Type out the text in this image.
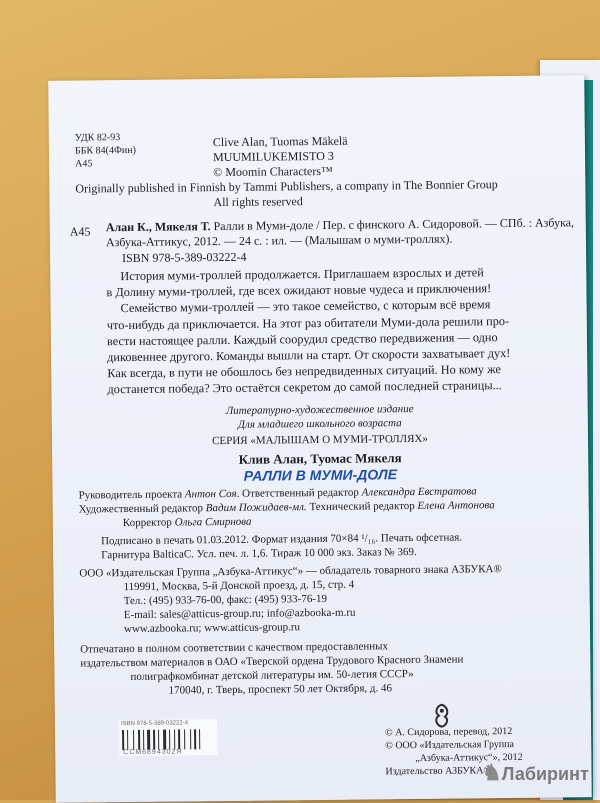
УДК 82-93
ББК 84(4Фин)
А45
Clive Alan, Tuomas Mäkelä
MUUMILUKEMISTO 3
© Moomin Characters™
Originally published in Finnish by Tammi Publishers, a company in The Bonnier Group
All rights reserved
А45 Алан К., Мякеля Т. Ралли в Муми-доле / Пер. с финского А. Сидоровой. — СПб. : Азбука,
Азбука-Аттикус, 2012. — 24 с. : ил. — (Малышам о муми-троллях).
ISBN 978-5-389-03222-4
История муми-троллей продолжается. Приглашаем взрослых и детей
в Долину муми-троллей, где всех ожидают новые чудеса и приключения!
Семейство муми-троллей — это такое семейство, с которым всё время
что-нибудь да приключается. На этот раз обитатели Муми-дола решили про-
вести настоящее ралли. Каждый соорудил средство передвижения — одно
диковеннее другого. Команды вышли на старт. От скорости захватывает дух!
Как всегда, в пути не обошлось без непредвиденных ситуаций. Но кому же
достанется победа? Это остаётся секретом до самой последней страницы...
Литературно-художественное издание
Для младшего школьного возраста
СЕРИЯ «МАЛЫШАМ О МУМИ-ТРОЛЛЯХ»
Клив Алан, Туомас Мякеля
РАЛЛИ В МУМИ-ДОЛЕ
Руководитель проекта Антон Соя. Ответственный редактор Александра Евстратова
Художественный редактор Вадим Пожидаев-мл. Технический редактор Елена Антонова
Корректор Ольга Смирнова
Подписано в печать 01.03.2012. Формат издания 70×84 ¹/₁₆. Печать офсетная.
Гарнитура BalticaC. Усл. печ. л. 1,6. Тираж 10 000 экз. Заказ № 369.
ООО «Издательская Группа „Азбука-Аттикус“» — обладатель товарного знака АЗБУКА®
119991, Москва, 5-й Донской проезд, д. 15, стр. 4
Тел.: (495) 933-76-00, факс: (495) 933-76-19
E-mail: sales@atticus-group.ru; info@azbooka-m.ru
www.azbooka.ru; www.atticus-group.ru
Отпечатано в полном соответствии с качеством предоставленных
издательством материалов в ОАО «Тверской ордена Трудового Красного Знамени
полиграфкомбинат детской литературы им. 50-летия СССР»
170040, г. Тверь, проспект 50 лет Октября, д. 46
ISBN 978-5-389-03222-4
ССМ6894302Я
© А. Сидорова, перевод, 2012
© ООО «Издательская Группа
„Азбука-Аттикус“», 2012
Издательство АЗБУКА®
♞Лабиринт
